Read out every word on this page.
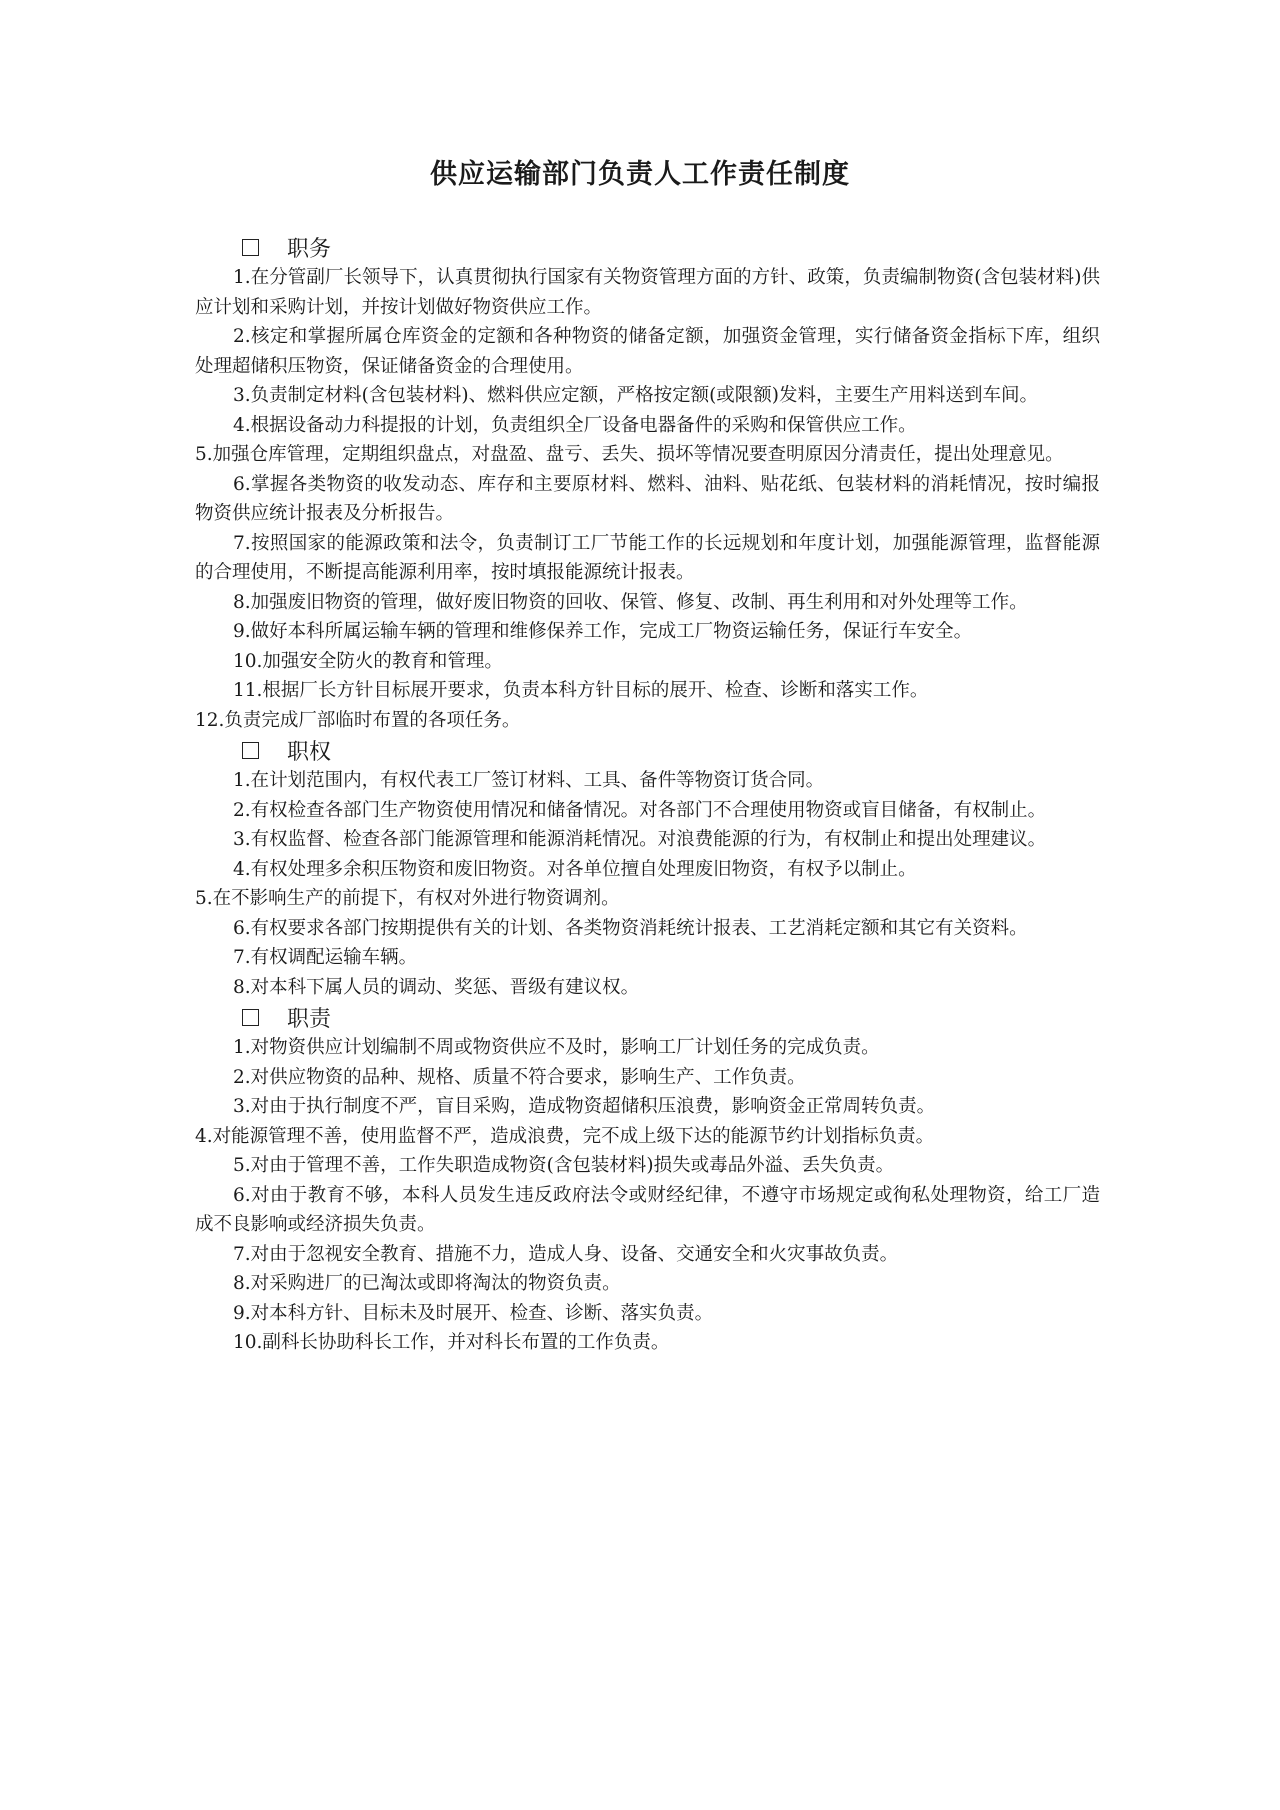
供应运输部门负责人工作责任制度
职务

1.在分管副厂长领导下，认真贯彻执行国家有关物资管理方面的方针、政策，负责编制物资(含包装材料)供应计划和采购计划，并按计划做好物资供应工作。

2.核定和掌握所属仓库资金的定额和各种物资的储备定额，加强资金管理，实行储备资金指标下库，组织处理超储积压物资，保证储备资金的合理使用。

3.负责制定材料(含包装材料)、燃料供应定额，严格按定额(或限额)发料，主要生产用料送到车间。

4.根据设备动力科提报的计划，负责组织全厂设备电器备件的采购和保管供应工作。

5.加强仓库管理，定期组织盘点，对盘盈、盘亏、丢失、损坏等情况要查明原因分清责任，提出处理意见。

6.掌握各类物资的收发动态、库存和主要原材料、燃料、油料、贴花纸、包装材料的消耗情况，按时编报物资供应统计报表及分析报告。

7.按照国家的能源政策和法令，负责制订工厂节能工作的长远规划和年度计划，加强能源管理，监督能源的合理使用，不断提高能源利用率，按时填报能源统计报表。

8.加强废旧物资的管理，做好废旧物资的回收、保管、修复、改制、再生利用和对外处理等工作。

9.做好本科所属运输车辆的管理和维修保养工作，完成工厂物资运输任务，保证行车安全。

10.加强安全防火的教育和管理。

11.根据厂长方针目标展开要求，负责本科方针目标的展开、检查、诊断和落实工作。

12.负责完成厂部临时布置的各项任务。

职权

1.在计划范围内，有权代表工厂签订材料、工具、备件等物资订货合同。

2.有权检查各部门生产物资使用情况和储备情况。对各部门不合理使用物资或盲目储备，有权制止。

3.有权监督、检查各部门能源管理和能源消耗情况。对浪费能源的行为，有权制止和提出处理建议。

4.有权处理多余积压物资和废旧物资。对各单位擅自处理废旧物资，有权予以制止。

5.在不影响生产的前提下，有权对外进行物资调剂。

6.有权要求各部门按期提供有关的计划、各类物资消耗统计报表、工艺消耗定额和其它有关资料。

7.有权调配运输车辆。

8.对本科下属人员的调动、奖惩、晋级有建议权。

职责

1.对物资供应计划编制不周或物资供应不及时，影响工厂计划任务的完成负责。

2.对供应物资的品种、规格、质量不符合要求，影响生产、工作负责。

3.对由于执行制度不严，盲目采购，造成物资超储积压浪费，影响资金正常周转负责。

4.对能源管理不善，使用监督不严，造成浪费，完不成上级下达的能源节约计划指标负责。

5.对由于管理不善，工作失职造成物资(含包装材料)损失或毒品外溢、丢失负责。

6.对由于教育不够，本科人员发生违反政府法令或财经纪律，不遵守市场规定或徇私处理物资，给工厂造成不良影响或经济损失负责。

7.对由于忽视安全教育、措施不力，造成人身、设备、交通安全和火灾事故负责。

8.对采购进厂的已淘汰或即将淘汰的物资负责。

9.对本科方针、目标未及时展开、检查、诊断、落实负责。

10.副科长协助科长工作，并对科长布置的工作负责。
